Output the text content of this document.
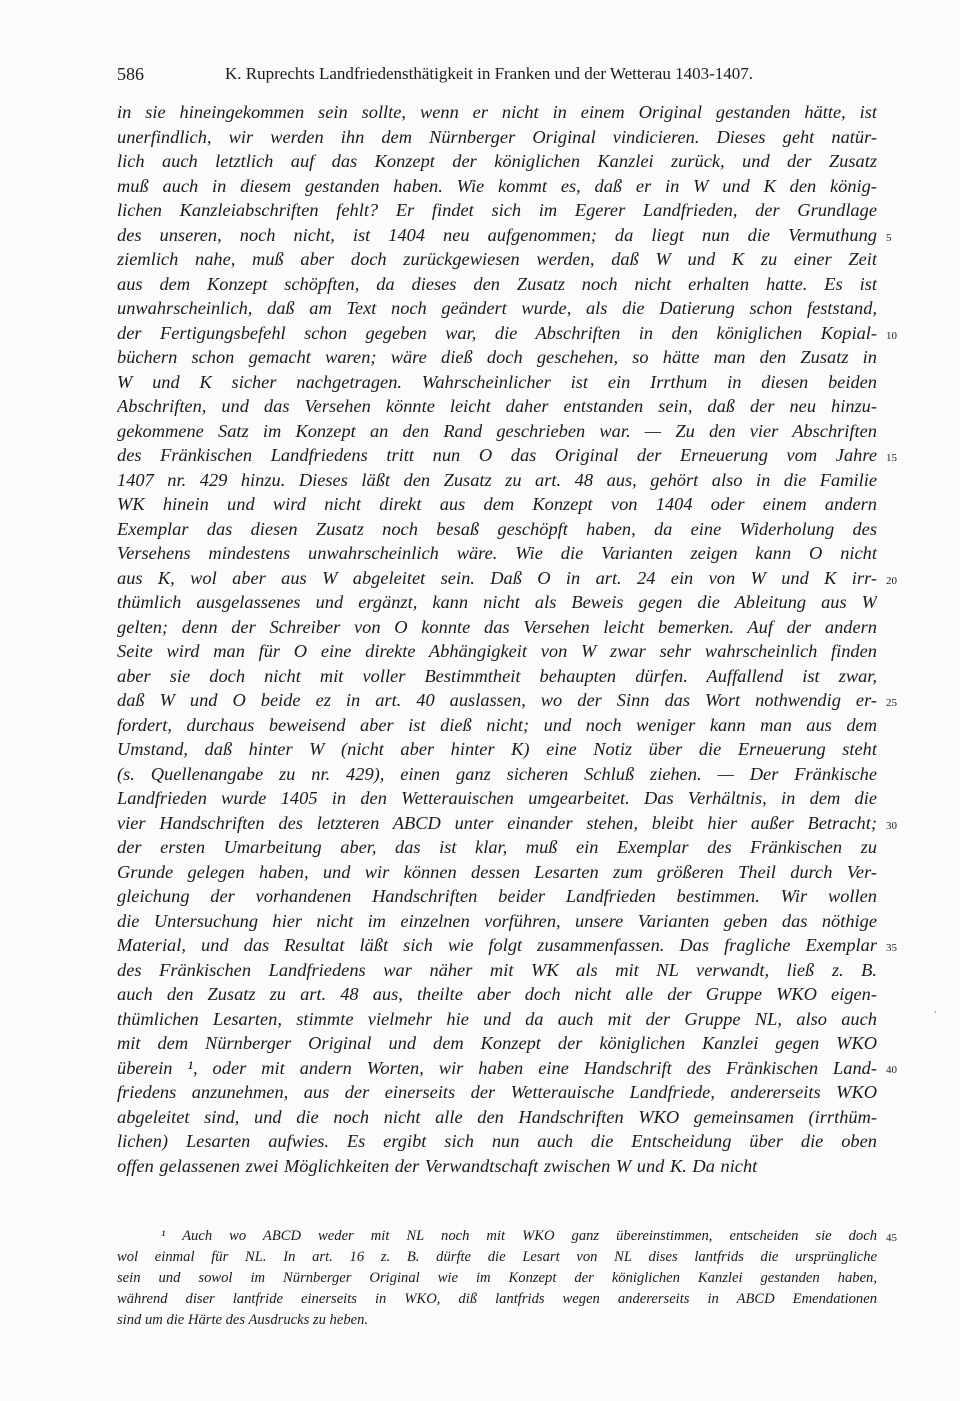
586	K. Ruprechts Landfriedensthätigkeit in Franken und der Wetterau 1403-1407.
in sie hineingekommen sein sollte, wenn er nicht in einem Original gestanden hätte, ist
unerfindlich, wir werden ihn dem Nürnberger Original vindicieren. Dieses geht natür-
lich auch letztlich auf das Konzept der königlichen Kanzlei zurück, und der Zusatz
muß auch in diesem gestanden haben. Wie kommt es, daß er in W und K den könig-
lichen Kanzleiabschriften fehlt? Er findet sich im Egerer Landfrieden, der Grundlage
des unseren, noch nicht, ist 1404 neu aufgenommen; da liegt nun die Vermuthung
ziemlich nahe, muß aber doch zurückgewiesen werden, daß W und K zu einer Zeit
aus dem Konzept schöpften, da dieses den Zusatz noch nicht erhalten hatte. Es ist
unwahrscheinlich, daß am Text noch geändert wurde, als die Datierung schon feststand,
der Fertigungsbefehl schon gegeben war, die Abschriften in den königlichen Kopial-
büchern schon gemacht waren; wäre dieß doch geschehen, so hätte man den Zusatz in
W und K sicher nachgetragen. Wahrscheinlicher ist ein Irrthum in diesen beiden
Abschriften, und das Versehen könnte leicht daher entstanden sein, daß der neu hinzu-
gekommene Satz im Konzept an den Rand geschrieben war. — Zu den vier Abschriften
des Fränkischen Landfriedens tritt nun O das Original der Erneuerung vom Jahre
1407 nr. 429 hinzu. Dieses läßt den Zusatz zu art. 48 aus, gehört also in die Familie
WK hinein und wird nicht direkt aus dem Konzept von 1404 oder einem andern
Exemplar das diesen Zusatz noch besaß geschöpft haben, da eine Widerholung des
Versehens mindestens unwahrscheinlich wäre. Wie die Varianten zeigen kann O nicht
aus K, wol aber aus W abgeleitet sein. Daß O in art. 24 ein von W und K irr-
thümlich ausgelassenes und ergänzt, kann nicht als Beweis gegen die Ableitung aus W
gelten; denn der Schreiber von O konnte das Versehen leicht bemerken. Auf der andern
Seite wird man für O eine direkte Abhängigkeit von W zwar sehr wahrscheinlich finden
aber sie doch nicht mit voller Bestimmtheit behaupten dürfen. Auffallend ist zwar,
daß W und O beide ez in art. 40 auslassen, wo der Sinn das Wort nothwendig er-
fordert, durchaus beweisend aber ist dieß nicht; und noch weniger kann man aus dem
Umstand, daß hinter W (nicht aber hinter K) eine Notiz über die Erneuerung steht
(s. Quellenangabe zu nr. 429), einen ganz sicheren Schluß ziehen. — Der Fränkische
Landfrieden wurde 1405 in den Wetterauischen umgearbeitet. Das Verhältnis, in dem die
vier Handschriften des letzteren ABCD unter einander stehen, bleibt hier außer Betracht;
der ersten Umarbeitung aber, das ist klar, muß ein Exemplar des Fränkischen zu
Grunde gelegen haben, und wir können dessen Lesarten zum größeren Theil durch Ver-
gleichung der vorhandenen Handschriften beider Landfrieden bestimmen. Wir wollen
die Untersuchung hier nicht im einzelnen vorführen, unsere Varianten geben das nöthige
Material, und das Resultat läßt sich wie folgt zusammenfassen. Das fragliche Exemplar
des Fränkischen Landfriedens war näher mit WK als mit NL verwandt, ließ z. B.
auch den Zusatz zu art. 48 aus, theilte aber doch nicht alle der Gruppe WKO eigen-
thümlichen Lesarten, stimmte vielmehr hie und da auch mit der Gruppe NL, also auch
mit dem Nürnberger Original und dem Konzept der königlichen Kanzlei gegen WKO
überein ¹, oder mit andern Worten, wir haben eine Handschrift des Fränkischen Land-
friedens anzunehmen, aus der einerseits der Wetterauische Landfriede, andererseits WKO
abgeleitet sind, und die noch nicht alle den Handschriften WKO gemeinsamen (irrthüm-
lichen) Lesarten aufwies. Es ergibt sich nun auch die Entscheidung über die oben
offen gelassenen zwei Möglichkeiten der Verwandtschaft zwischen W und K. Da nicht
5
10
15
20
25
30
35
40
45
,
¹ Auch wo ABCD weder mit NL noch mit WKO ganz übereinstimmen, entscheiden sie doch
wol einmal für NL. In art. 16 z. B. dürfte die Lesart von NL dises lantfrids die ursprüngliche
sein und sowol im Nürnberger Original wie im Konzept der königlichen Kanzlei gestanden haben,
während diser lantfride einerseits in WKO, diß lantfrids wegen andererseits in ABCD Emendationen
sind um die Härte des Ausdrucks zu heben.
